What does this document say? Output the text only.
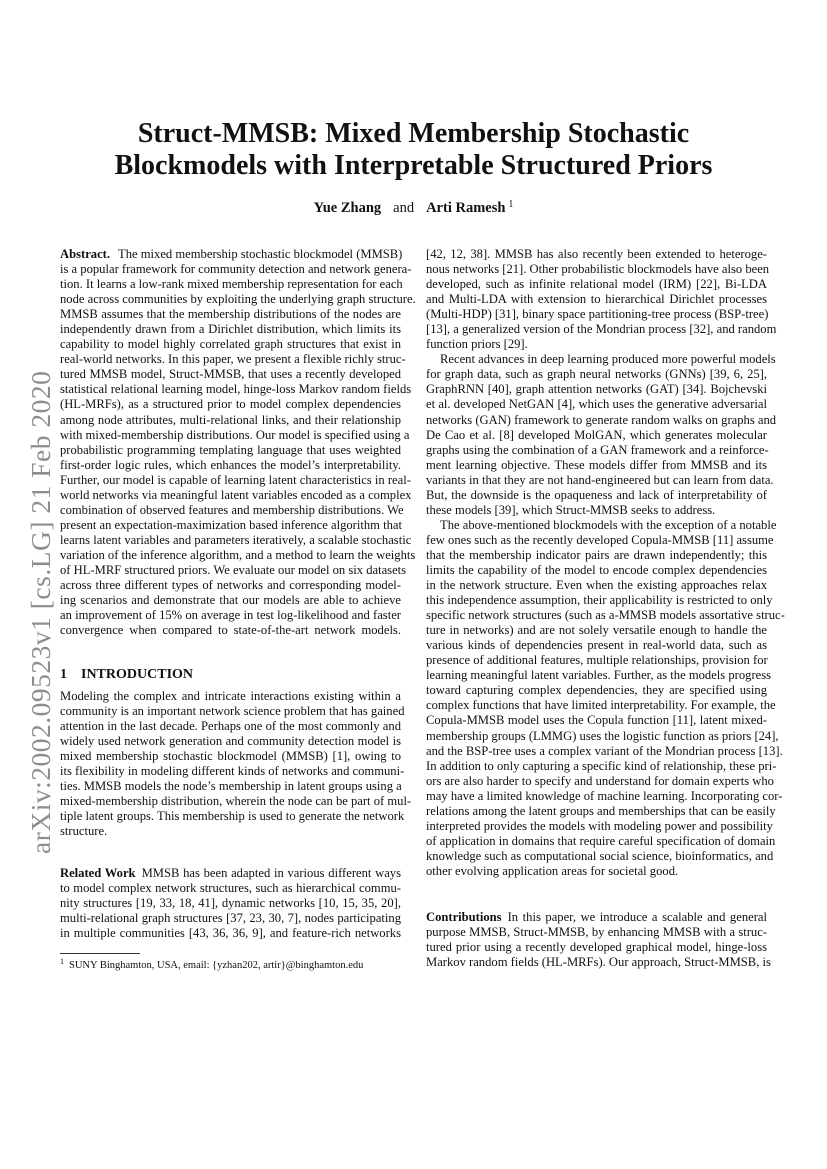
arXiv:2002.09523v1 [cs.LG] 21 Feb 2020
Struct-MMSB: Mixed Membership Stochastic
Blockmodels with Interpretable Structured Priors
Yue Zhang and Arti Ramesh $^1$
Abstract. The mixed membership stochastic blockmodel (MMSB)
is a popular framework for community detection and network genera-
tion. It learns a low-rank mixed membership representation for each
node across communities by exploiting the underlying graph structure.
MMSB assumes that the membership distributions of the nodes are
independently drawn from a Dirichlet distribution, which limits its
capability to model highly correlated graph structures that exist in
real-world networks. In this paper, we present a flexible richly struc-
tured MMSB model, Struct-MMSB, that uses a recently developed
statistical relational learning model, hinge-loss Markov random fields
(HL-MRFs), as a structured prior to model complex dependencies
among node attributes, multi-relational links, and their relationship
with mixed-membership distributions. Our model is specified using a
probabilistic programming templating language that uses weighted
first-order logic rules, which enhances the model’s interpretability.
Further, our model is capable of learning latent characteristics in real-
world networks via meaningful latent variables encoded as a complex
combination of observed features and membership distributions. We
present an expectation-maximization based inference algorithm that
learns latent variables and parameters iteratively, a scalable stochastic
variation of the inference algorithm, and a method to learn the weights
of HL-MRF structured priors. We evaluate our model on six datasets
across three different types of networks and corresponding model-
ing scenarios and demonstrate that our models are able to achieve
an improvement of 15% on average in test log-likelihood and faster
convergence when compared to state-of-the-art network models.
1 INTRODUCTION
Modeling the complex and intricate interactions existing within a
community is an important network science problem that has gained
attention in the last decade. Perhaps one of the most commonly and
widely used network generation and community detection model is
mixed membership stochastic blockmodel (MMSB) [1], owing to
its flexibility in modeling different kinds of networks and communi-
ties. MMSB models the node’s membership in latent groups using a
mixed-membership distribution, wherein the node can be part of mul-
tiple latent groups. This membership is used to generate the network
structure.
Related Work MMSB has been adapted in various different ways
to model complex network structures, such as hierarchical commu-
nity structures [19, 33, 18, 41], dynamic networks [10, 15, 35, 20],
multi-relational graph structures [37, 23, 30, 7], nodes participating
in multiple communities [43, 36, 36, 9], and feature-rich networks
$^1$ SUNY Binghamton, USA, email: {yzhan202, artir}@binghamton.edu
[42, 12, 38]. MMSB has also recently been extended to heteroge-
nous networks [21]. Other probabilistic blockmodels have also been
developed, such as infinite relational model (IRM) [22], Bi-LDA
and Multi-LDA with extension to hierarchical Dirichlet processes
(Multi-HDP) [31], binary space partitioning-tree process (BSP-tree)
[13], a generalized version of the Mondrian process [32], and random
function priors [29].
Recent advances in deep learning produced more powerful models
for graph data, such as graph neural networks (GNNs) [39, 6, 25],
GraphRNN [40], graph attention networks (GAT) [34]. Bojchevski
et al. developed NetGAN [4], which uses the generative adversarial
networks (GAN) framework to generate random walks on graphs and
De Cao et al. [8] developed MolGAN, which generates molecular
graphs using the combination of a GAN framework and a reinforce-
ment learning objective. These models differ from MMSB and its
variants in that they are not hand-engineered but can learn from data.
But, the downside is the opaqueness and lack of interpretability of
these models [39], which Struct-MMSB seeks to address.
The above-mentioned blockmodels with the exception of a notable
few ones such as the recently developed Copula-MMSB [11] assume
that the membership indicator pairs are drawn independently; this
limits the capability of the model to encode complex dependencies
in the network structure. Even when the existing approaches relax
this independence assumption, their applicability is restricted to only
specific network structures (such as a-MMSB models assortative struc-
ture in networks) and are not solely versatile enough to handle the
various kinds of dependencies present in real-world data, such as
presence of additional features, multiple relationships, provision for
learning meaningful latent variables. Further, as the models progress
toward capturing complex dependencies, they are specified using
complex functions that have limited interpretability. For example, the
Copula-MMSB model uses the Copula function [11], latent mixed-
membership groups (LMMG) uses the logistic function as priors [24],
and the BSP-tree uses a complex variant of the Mondrian process [13].
In addition to only capturing a specific kind of relationship, these pri-
ors are also harder to specify and understand for domain experts who
may have a limited knowledge of machine learning. Incorporating cor-
relations among the latent groups and memberships that can be easily
interpreted provides the models with modeling power and possibility
of application in domains that require careful specification of domain
knowledge such as computational social science, bioinformatics, and
other evolving application areas for societal good.
Contributions In this paper, we introduce a scalable and general
purpose MMSB, Struct-MMSB, by enhancing MMSB with a struc-
tured prior using a recently developed graphical model, hinge-loss
Markov random fields (HL-MRFs). Our approach, Struct-MMSB, is
